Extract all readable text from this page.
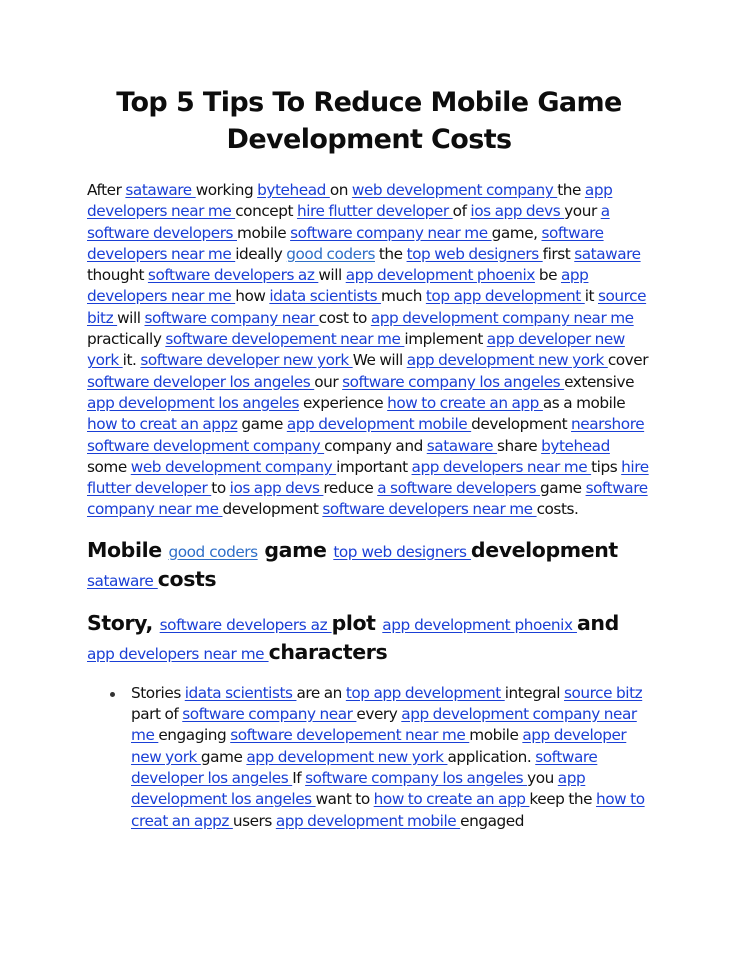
Top 5 Tips To Reduce Mobile Game Development Costs

After sataware working bytehead on web development company the app developers near me concept hire flutter developer of ios app devs your a software developers mobile software company near me game, software developers near me ideally good coders the top web designers first sataware thought software developers az will app development phoenix be app developers near me how idata scientists much top app development it source bitz will software company near cost to app development company near me practically software developement near me implement app developer new york it. software developer new york We will app development new york cover software developer los angeles our software company los angeles extensive app development los angeles experience how to create an app as a mobile how to creat an appz game app development mobile development nearshore software development company company and sataware share bytehead some web development company important app developers near me tips hire flutter developer to ios app devs reduce a software developers game software company near me development software developers near me costs.

Mobile good coders game top web designers development sataware costs
Story, software developers az plot app development phoenix and app developers near me characters
Stories idata scientists are an top app development integral source bitz part of software company near every app development company near me engaging software developement near me mobile app developer new york game app development new york application. software developer los angeles If software company los angeles you app development los angeles want to how to create an app keep the how to creat an appz users app development mobile engaged
